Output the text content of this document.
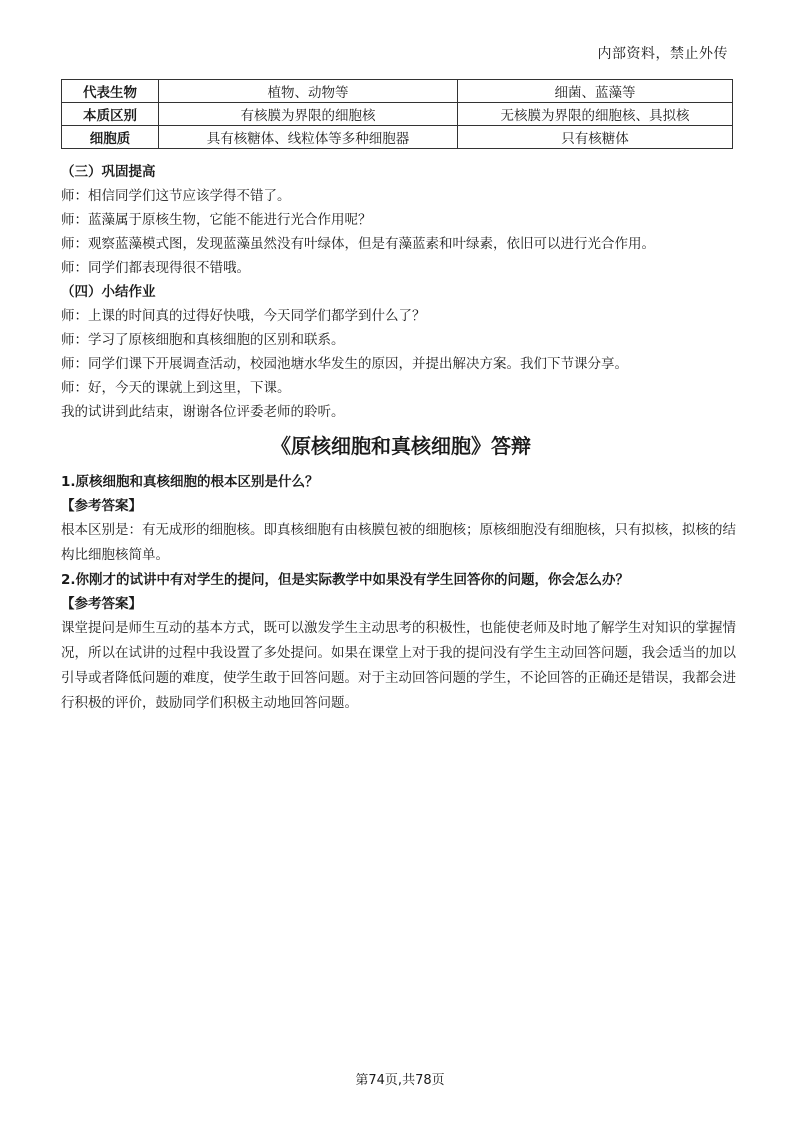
内部资料，禁止外传
代表生物	植物、动物等	细菌、蓝藻等
本质区别	有核膜为界限的细胞核	无核膜为界限的细胞核、具拟核
细胞质	具有核糖体、线粒体等多种细胞器	只有核糖体

（三）巩固提高

师：相信同学们这节应该学得不错了。

师：蓝藻属于原核生物，它能不能进行光合作用呢？

师：观察蓝藻模式图，发现蓝藻虽然没有叶绿体，但是有藻蓝素和叶绿素，依旧可以进行光合作用。

师：同学们都表现得很不错哦。

（四）小结作业

师：上课的时间真的过得好快哦，今天同学们都学到什么了？

师：学习了原核细胞和真核细胞的区别和联系。

师：同学们课下开展调查活动，校园池塘水华发生的原因，并提出解决方案。我们下节课分享。

师：好，今天的课就上到这里，下课。

我的试讲到此结束，谢谢各位评委老师的聆听。

《原核细胞和真核细胞》答辩

1.原核细胞和真核细胞的根本区别是什么？

【参考答案】

根本区别是：有无成形的细胞核。即真核细胞有由核膜包被的细胞核；原核细胞没有细胞核，只有拟核，拟核的结构比细胞核简单。

2.你刚才的试讲中有对学生的提问，但是实际教学中如果没有学生回答你的问题，你会怎么办？

【参考答案】

课堂提问是师生互动的基本方式，既可以激发学生主动思考的积极性，也能使老师及时地了解学生对知识的掌握情况，所以在试讲的过程中我设置了多处提问。如果在课堂上对于我的提问没有学生主动回答问题，我会适当的加以引导或者降低问题的难度，使学生敢于回答问题。对于主动回答问题的学生，不论回答的正确还是错误，我都会进行积极的评价，鼓励同学们积极主动地回答问题。

第74页,共78页
